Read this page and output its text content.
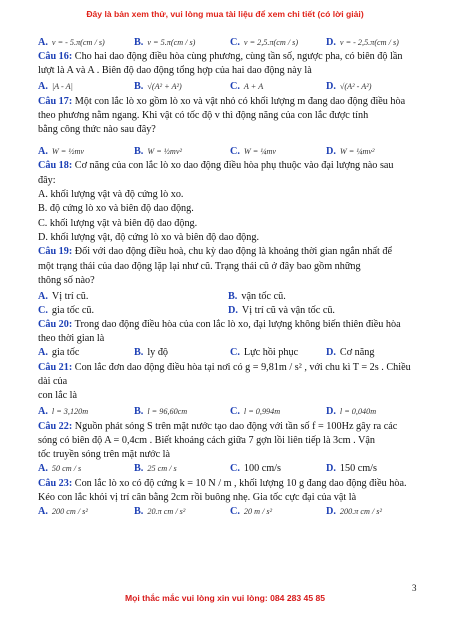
Đây là bản xem thử, vui lòng mua tài liệu để xem chi tiết (có lời giải)
A. v = - 5.π(cm / s)	B. v = 5.π(cm / s)	C. v = 2,5.π(cm / s)	D. v = - 2,5.π(cm / s)
Câu 16: Cho hai dao động điều hòa cùng phương, cùng tần số, ngược pha, có biên độ lần
lượt là A và A . Biên độ dao động tổng hợp của hai dao động này là
A. |A - A|	B. √(A² + A²)	C. A + A	D. √(A² - A²)
Câu 17: Một con lắc lò xo gồm lò xo và vật nhỏ có khối lượng m đang dao động điều hòa
theo phương nằm ngang. Khi vật có tốc độ v thì động năng của con lắc được tính
bằng công thức nào sau đây?
A. W = ½mv	B. W = ½mv²	C. W = ¼mv	D. W = ¼mv²
Câu 18: Cơ năng của con lắc lò xo dao động điều hòa phụ thuộc vào đại lượng nào sau
đây:
A. khối lượng vật và độ cứng lò xo.
B. độ cứng lò xo và biên độ dao động.
C. khối lượng vật và biên độ dao động.
D. khối lượng vật, độ cứng lò xo và biên độ dao động.
Câu 19: Đối với dao động điều hoà, chu kỳ dao động là khoảng thời gian ngắn nhất để
một trạng thái của dao động lặp lại như cũ. Trạng thái cũ ở đây bao gồm những
thông số nào?
A. Vị trí cũ.	B. vận tốc cũ.
C. gia tốc cũ.	D. Vị trí cũ và vận tốc cũ.
Câu 20: Trong dao động điều hòa của con lắc lò xo, đại lượng không biến thiên điều hòa
theo thời gian là
A. gia tốc	B. ly độ	C. Lực hồi phục	D. Cơ năng
Câu 21: Con lắc đơn dao động điều hòa tại nơi có g = 9,81m / s² , với chu kì T = 2s . Chiều
dài của
con lắc là
A. l = 3,120m	B. l = 96,60cm	C. l = 0,994m	D. l = 0,040m
Câu 22: Nguồn phát sóng S trên mặt nước tạo dao động với tần số f = 100Hz gây ra các
sóng có biên độ A = 0,4cm . Biết khoảng cách giữa 7 gợn lồi liên tiếp là 3cm . Vận
tốc truyền sóng trên mặt nước là
A. 50 cm / s	B. 25 cm / s	C. 100 cm/s	D. 150 cm/s
Câu 23: Con lắc lò xo có độ cứng k = 10 N / m , khối lượng 10 g đang dao động điều hòa.
Kéo con lắc khỏi vị trí cân bằng 2cm rồi buông nhẹ. Gia tốc cực đại của vật là
A. 200 cm / s²	B. 20.π cm / s²	C. 20 m / s²	D. 200.π cm / s²
3
Mọi thắc mắc vui lòng xin vui lòng: 084 283 45 85
